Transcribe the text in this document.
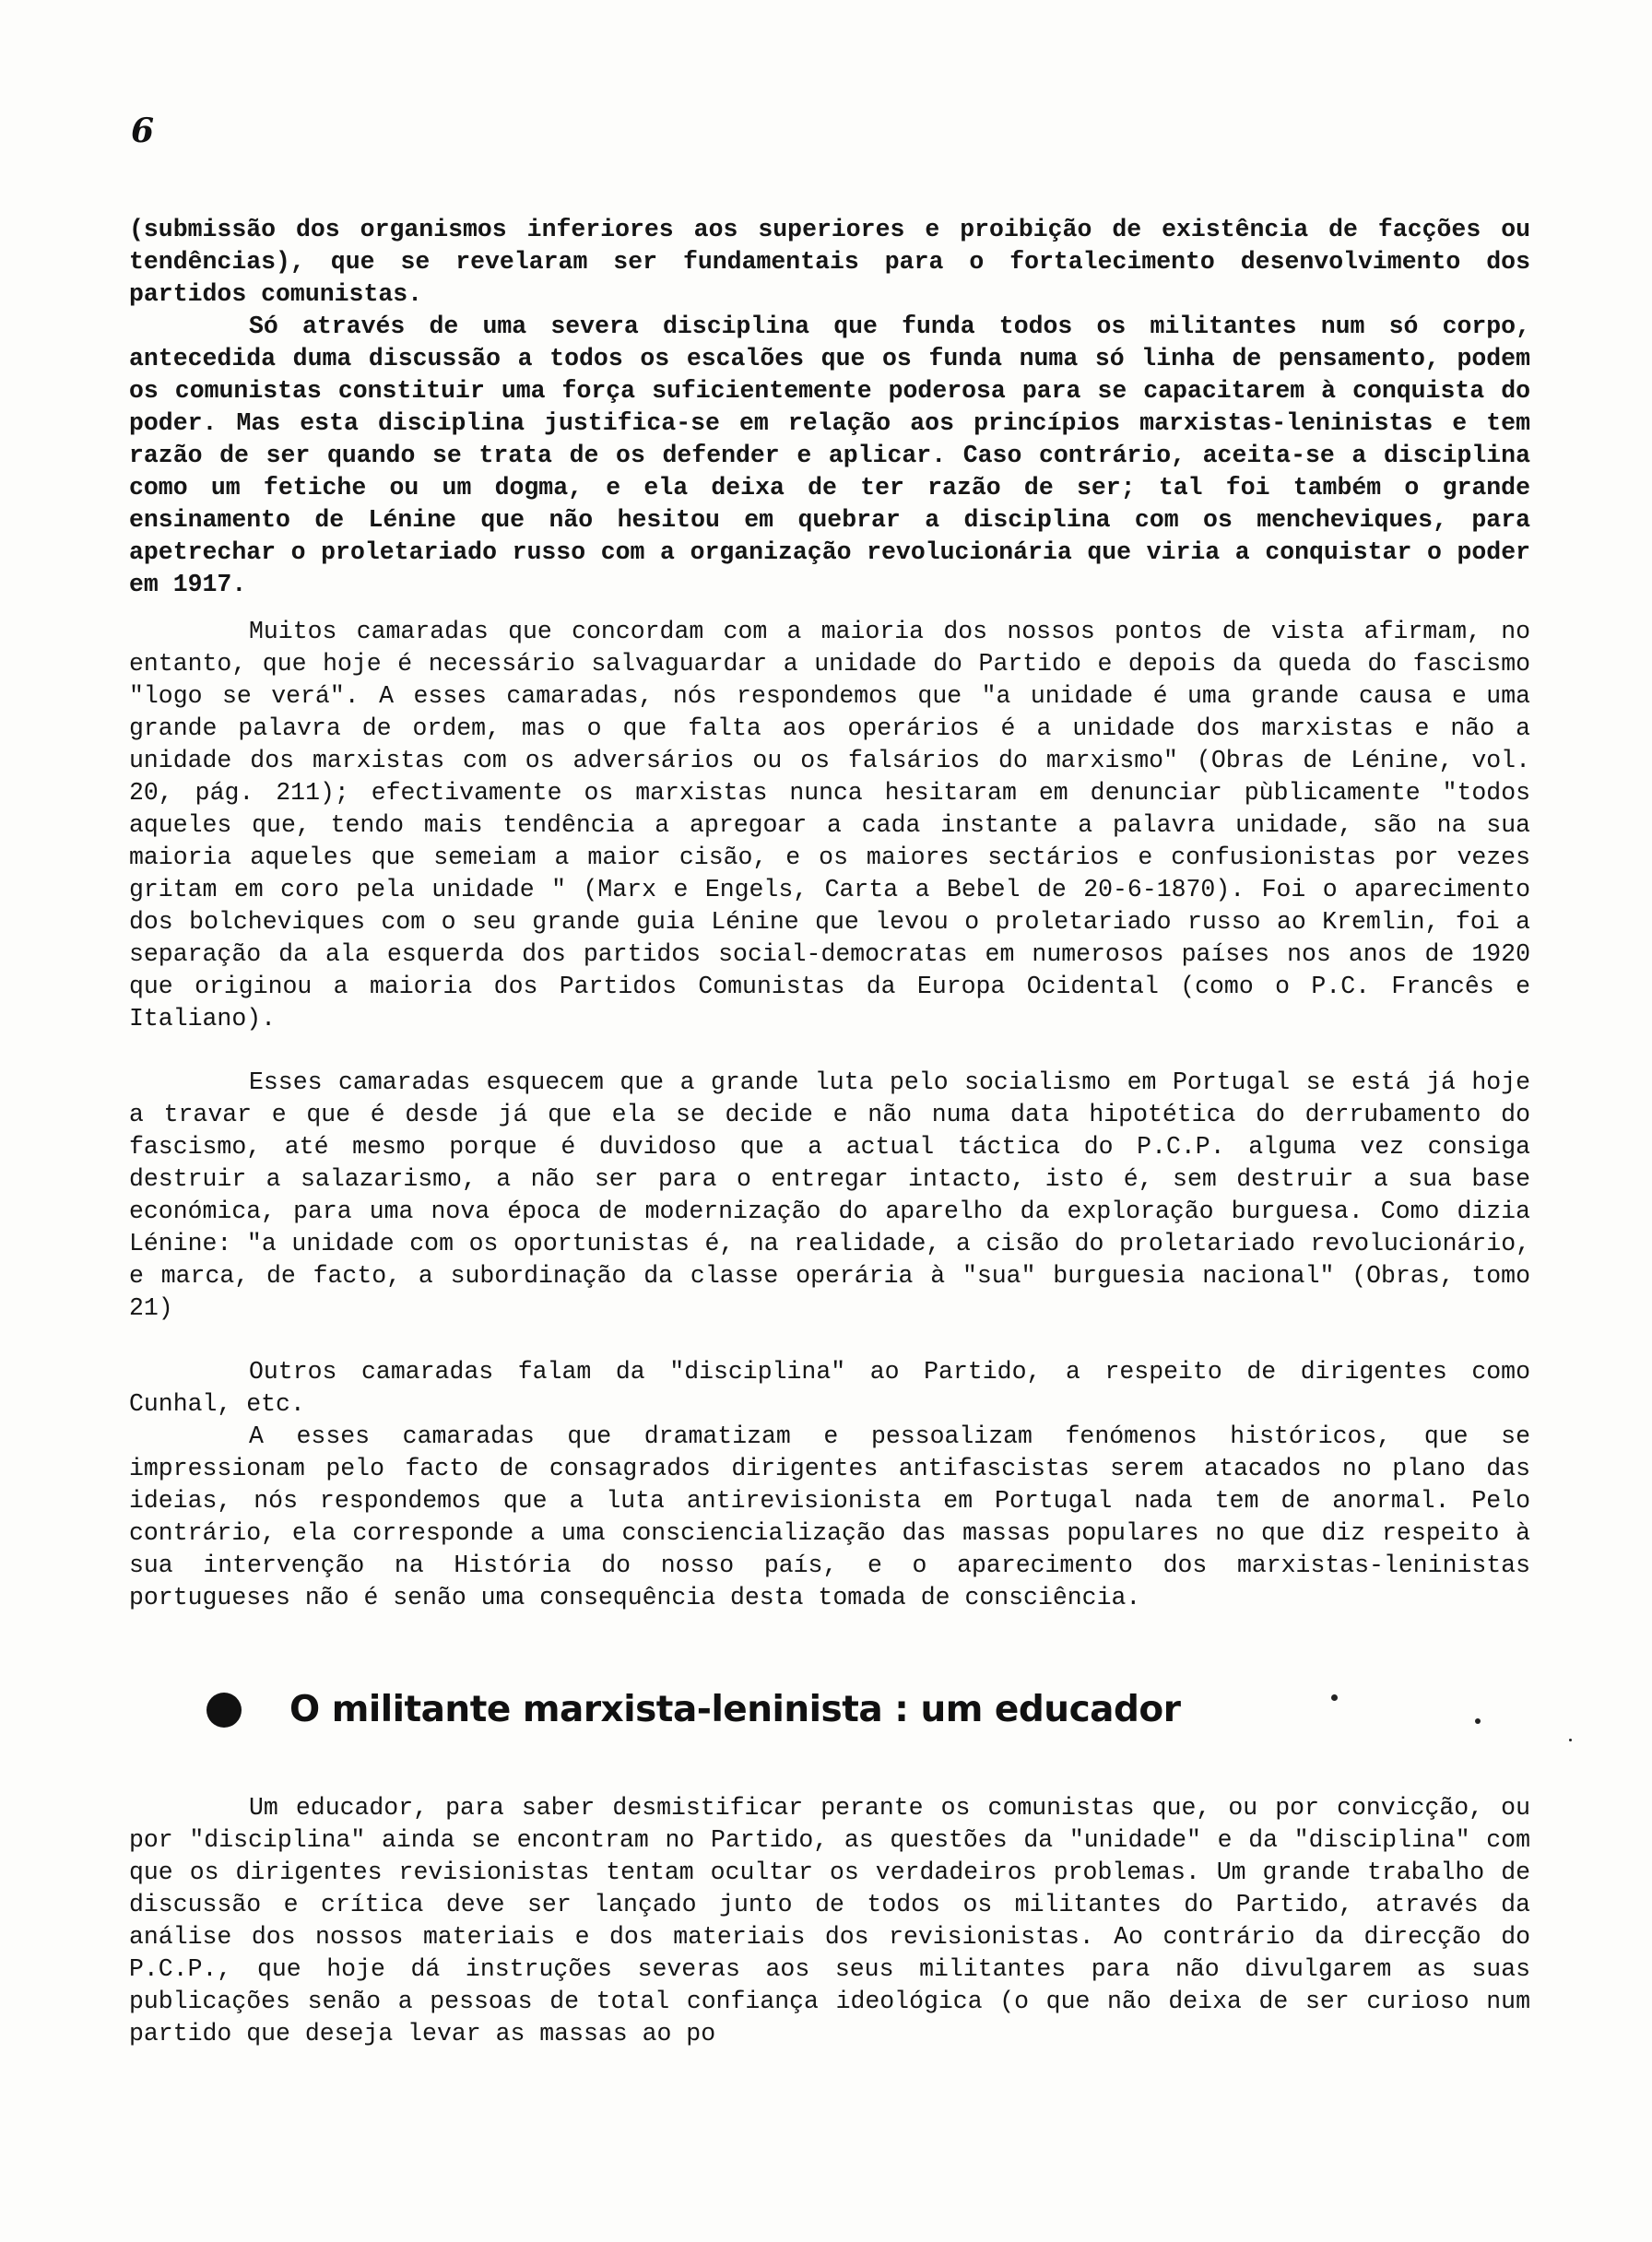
6

(submissão dos organismos inferiores aos superiores e proibição de existência de facções ou tendências), que se revelaram ser fundamentais para o fortalecimento desenvolvimento dos partidos comunistas.

Só através de uma severa disciplina que funda todos os militantes num só corpo, antecedida duma discussão a todos os escalões que os funda numa só linha de pensamento, podem os comunistas constituir uma força suficientemente poderosa para se capacitarem à conquista do poder. Mas esta disciplina justifica-se em relação aos princípios marxistas-leninistas e tem razão de ser quando se trata de os defender e aplicar. Caso contrário, aceita-se a disciplina como um fetiche ou um dogma, e ela deixa de ter razão de ser; tal foi também o grande ensinamento de Lénine que não hesitou em quebrar a disciplina com os mencheviques, para apetrechar o proletariado russo com a organização revolucionária que viria a conquistar o poder em 1917.

Muitos camaradas que concordam com a maioria dos nossos pontos de vista afirmam, no entanto, que hoje é necessário salvaguardar a unidade do Partido e depois da queda do fascismo "logo se verá". A esses camaradas, nós respondemos que "a unidade é uma grande causa e uma grande palavra de ordem, mas o que falta aos operários é a unidade dos marxistas e não a unidade dos marxistas com os adversários ou os falsários do marxismo" (Obras de Lénine, vol. 20, pág. 211); efectivamente os marxistas nunca hesitaram em denunciar pùblicamente "todos aqueles que, tendo mais tendência a apregoar a cada instante a palavra unidade, são na sua maioria aqueles que semeiam a maior cisão, e os maiores sectários e confusionistas por vezes gritam em coro pela unidade " (Marx e Engels, Carta a Bebel de 20-6-1870). Foi o aparecimento dos bolcheviques com o seu grande guia Lénine que levou o proletariado russo ao Kremlin, foi a separação da ala esquerda dos partidos social-democratas em numerosos países nos anos de 1920 que originou a maioria dos Partidos Comunistas da Europa Ocidental (como o P.C. Francês e Italiano).

Esses camaradas esquecem que a grande luta pelo socialismo em Portugal se está já hoje a travar e que é desde já que ela se decide e não numa data hipotética do derrubamento do fascismo, até mesmo porque é duvidoso que a actual táctica do P.C.P. alguma vez consiga destruir a salazarismo, a não ser para o entregar intacto, isto é, sem destruir a sua base económica, para uma nova época de modernização do aparelho da exploração burguesa. Como dizia Lénine: "a unidade com os oportunistas é, na realidade, a cisão do proletariado revolucionário, e marca, de facto, a subordinação da classe operária à "sua" burguesia nacional" (Obras, tomo 21)

Outros camaradas falam da "disciplina" ao Partido, a respeito de dirigentes como Cunhal, etc.

A esses camaradas que dramatizam e pessoalizam fenómenos históricos, que se impressionam pelo facto de consagrados dirigentes antifascistas serem atacados no plano das ideias, nós respondemos que a luta antirevisionista em Portugal nada tem de anormal. Pelo contrário, ela corresponde a uma consciencialização das massas populares no que diz respeito à sua intervenção na História do nosso país, e o aparecimento dos marxistas-leninistas portugueses não é senão uma consequência desta tomada de consciência.

O militante marxista-leninista : um educador

Um educador, para saber desmistificar perante os comunistas que, ou por convicção, ou por "disciplina" ainda se encontram no Partido, as questões da "unidade" e da "disciplina" com que os dirigentes revisionistas tentam ocultar os verdadeiros problemas. Um grande trabalho de discussão e crítica deve ser lançado junto de todos os militantes do Partido, através da análise dos nossos materiais e dos materiais dos revisionistas. Ao contrário da direcção do P.C.P., que hoje dá instruções severas aos seus militantes para não divulgarem as suas publicações senão a pessoas de total confiança ideológica (o que não deixa de ser curioso num partido que deseja levar as massas ao po
